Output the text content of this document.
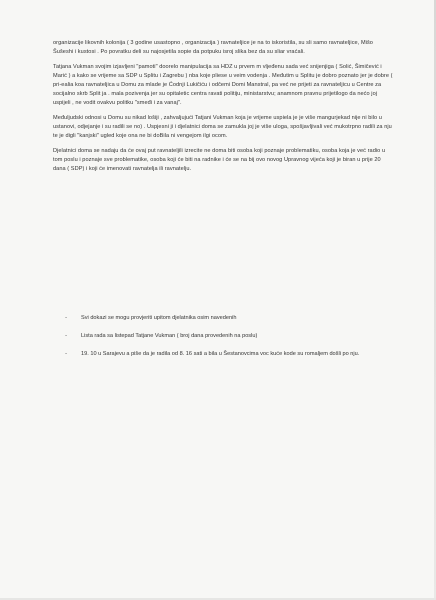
organizacije likovnih kolonija ( 3 godine usastopno , organizacija ) ravnateljice je na to iskoristila, su sli samo ravnateljice, Mišo Šušeshi i kustosi . Po povratku deli su najosjetila sopie da potpuku isroj slika bez da su sliar vraćali.

Tatjana Vukman svojim izjavljeni "pamoti" doorelo manipulacija sa HDZ u prvem m vljeđenu sada već snijenjiga ( Solić, Šimičević i Marić ) a kako se vrijeme sa SDP u Splitu i Zagrebu ) nba koje pliese u veim vodenja . Međutim u Splitu je dobro poznato jer je dobre ( pri-ealia koa ravnateljica u Domu za mlade je Ćodnji Lukičiću i odčemi Domi Manstral, pa već ne prijeti za ravnateljicu u Centre za socijalno skrb Split ja . mala pozivenja jer su opitaletic centra ravati politiju, ministarstvu; anamnom pravnu prijetilogo da nećo joj uspijeli , ne vodit ovakvu politku "smeđi i za vanaj".

Međuljudski odnosi u Domu su nikad lošiji , zahvaljujući Tatjani Vukman koja je vrijeme uspiela je je više mangurjekad nije ni bilo u ustanovi, odjejanje i su radili se no) . Uspjesni ji i djelatnici doma se zamukla joj je više uloga, spošjavljivali već mukotrpno radili za nju te je digli "kanjski" ugled koje ona ne bi doBila ni vengejom ilgi ocom.

Djelatnici doma se nadaju da će ovaj put ravnateljili izrecite ne doma biti osoba koji poznaje problematiku, osoba koja je već radio u tom poslu i poznaje sve problematike, osoba koji će biti na radnike i će se na bij ovo novog Upravnog vijeća koji je biran u prije 20 dana ( SDP) i koji će imenovati ravnatelja ili ravnatelju.

-	Svi dokazi se mogu provjeriti upitom djelatnika osim navedenih
-	Lista rada sa listepad Tatjane Vukman ( broj dana provedenih na poslu)
-	19. 10 u Sarajevu a piše da je radila od 8. 16 sati a bila u Šestanovcima voc kuće kode su romaljem došli po nju.
